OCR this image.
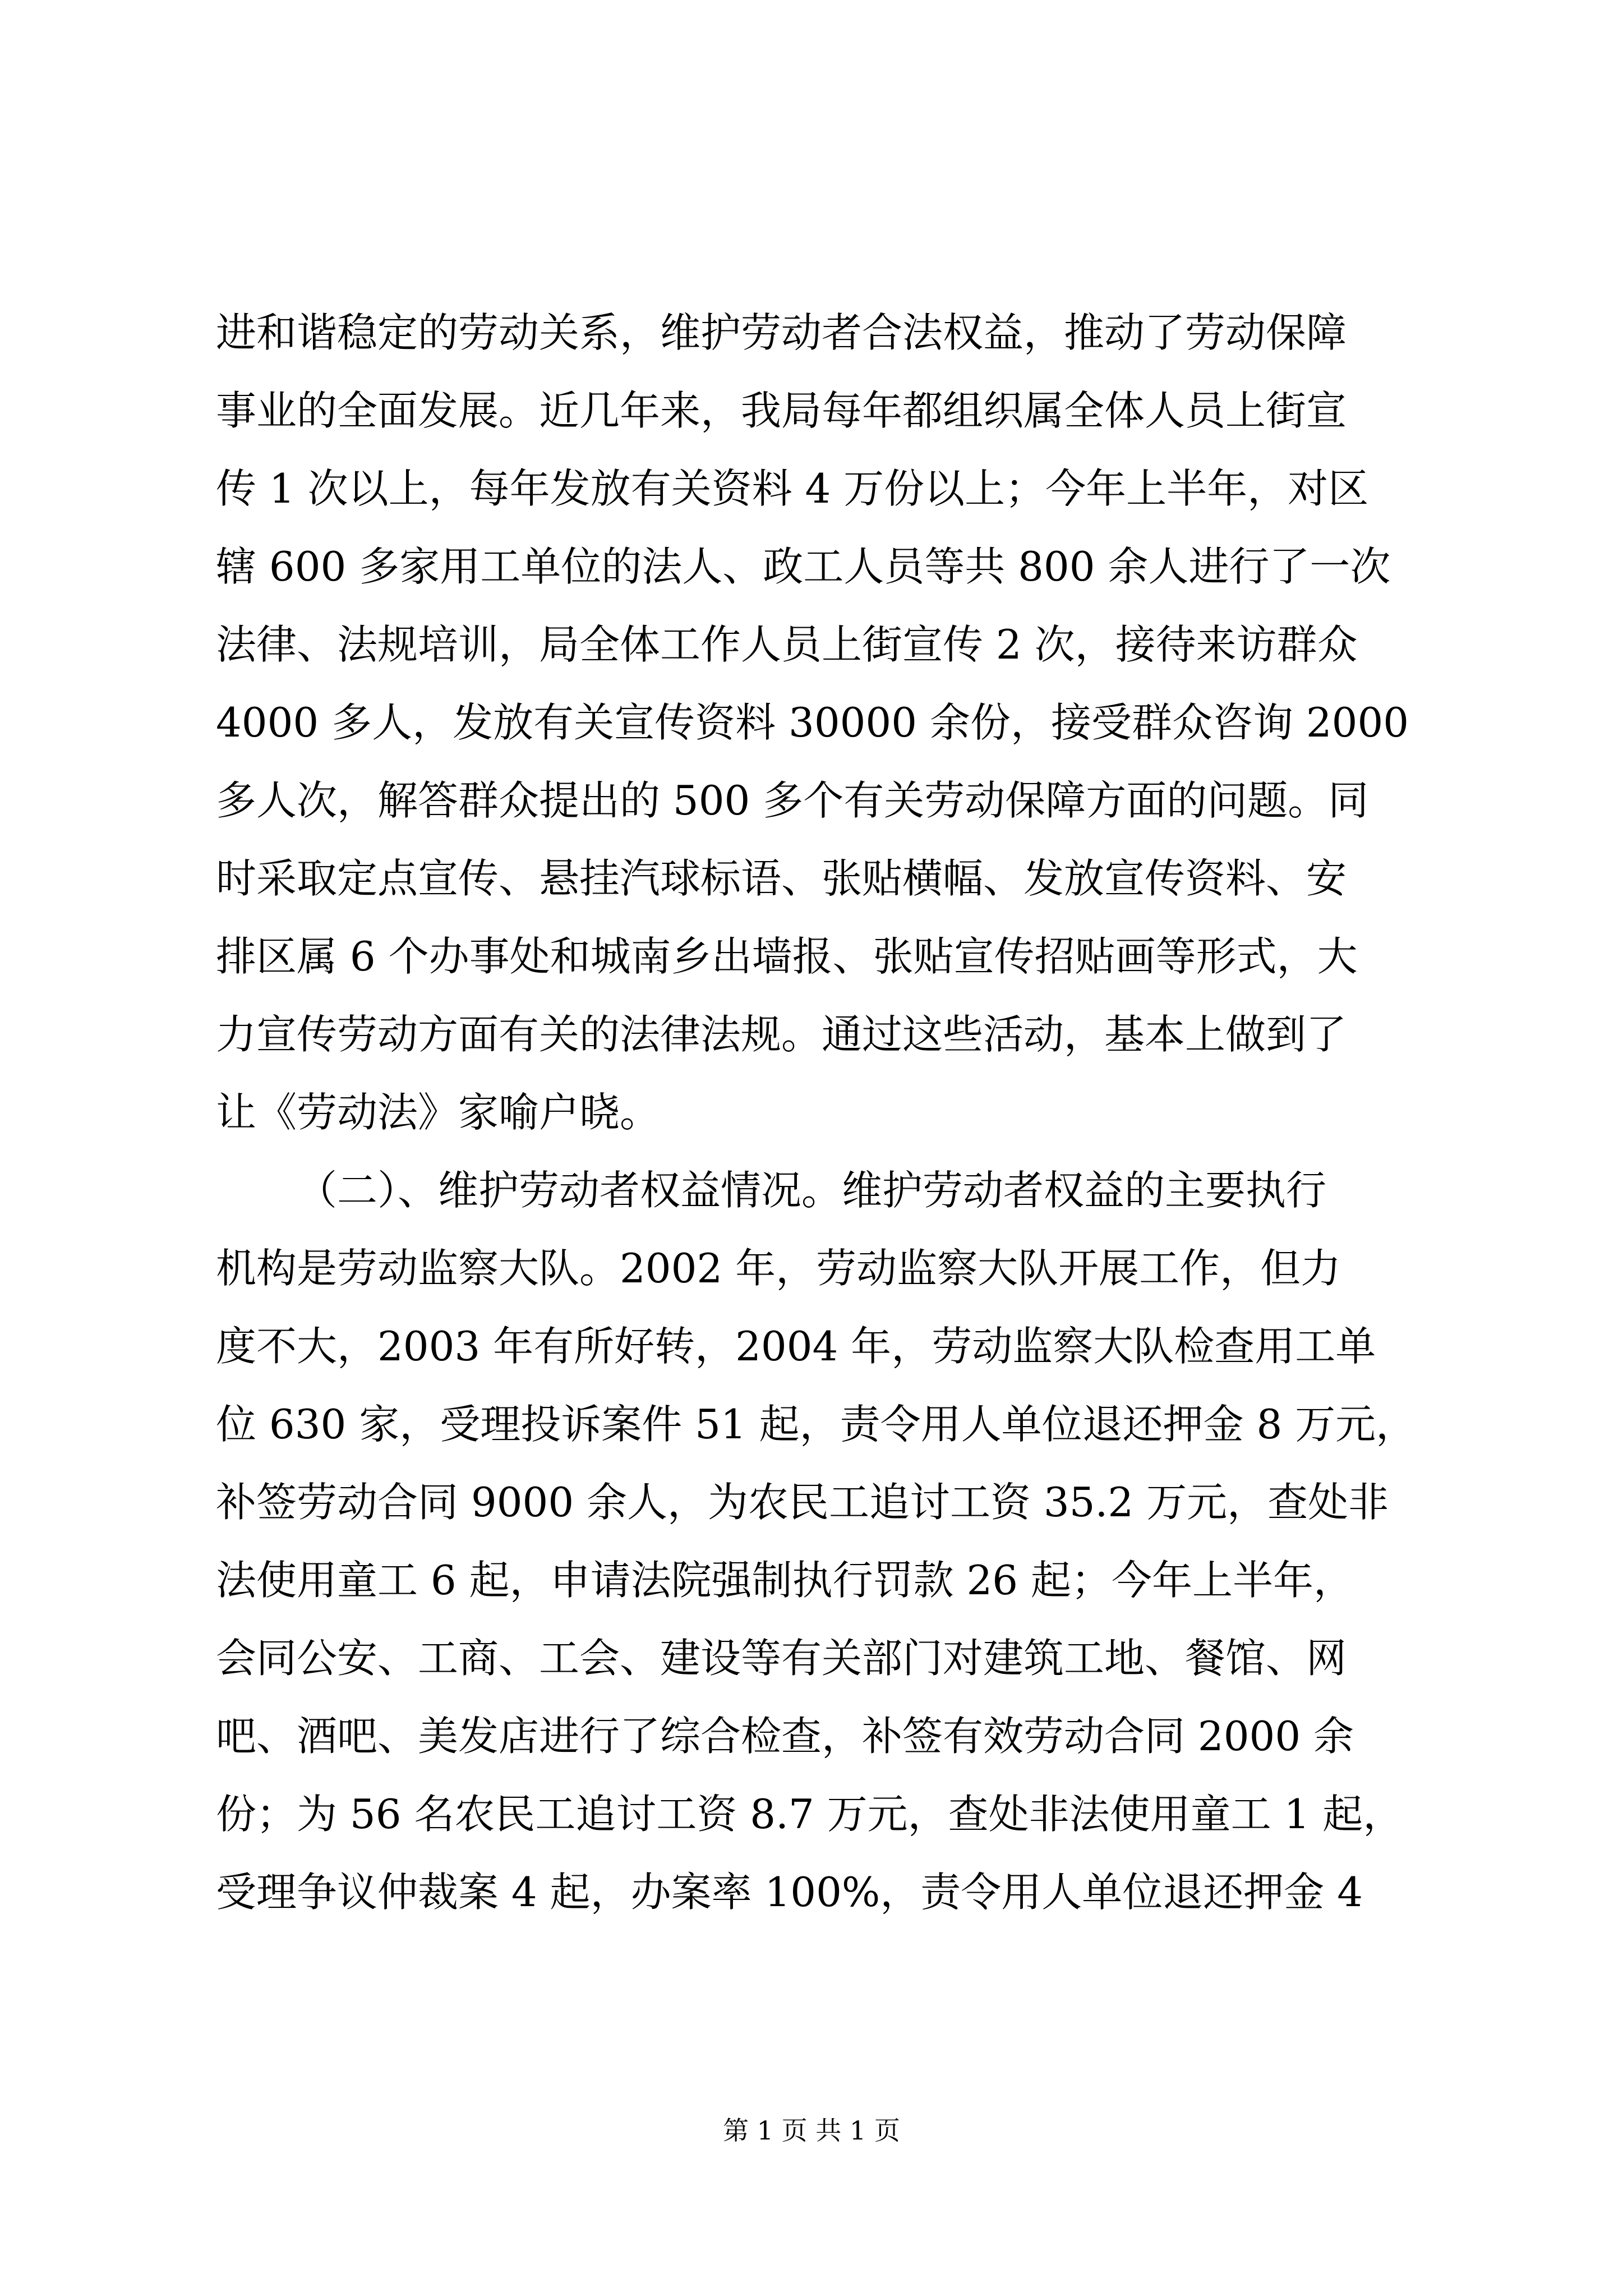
进和谐稳定的劳动关系，维护劳动者合法权益，推动了劳动保障
事业的全面发展。近几年来，我局每年都组织属全体人员上街宣
传 1 次以上，每年发放有关资料 4 万份以上；今年上半年，对区
辖 600 多家用工单位的法人、政工人员等共 800 余人进行了一次
法律、法规培训，局全体工作人员上街宣传 2 次，接待来访群众
4000 多人，发放有关宣传资料 30000 余份，接受群众咨询 2000
多人次，解答群众提出的 500 多个有关劳动保障方面的问题。同
时采取定点宣传、悬挂汽球标语、张贴横幅、发放宣传资料、安
排区属 6 个办事处和城南乡出墙报、张贴宣传招贴画等形式，大
力宣传劳动方面有关的法律法规。通过这些活动，基本上做到了
让《劳动法》家喻户晓。
（二）、维护劳动者权益情况。维护劳动者权益的主要执行
机构是劳动监察大队。2002 年，劳动监察大队开展工作，但力
度不大，2003 年有所好转，2004 年，劳动监察大队检查用工单
位 630 家，受理投诉案件 51 起，责令用人单位退还押金 8 万元，
补签劳动合同 9000 余人，为农民工追讨工资 35.2 万元，查处非
法使用童工 6 起，申请法院强制执行罚款 26 起；今年上半年，
会同公安、工商、工会、建设等有关部门对建筑工地、餐馆、网
吧、酒吧、美发店进行了综合检查，补签有效劳动合同 2000 余
份；为 56 名农民工追讨工资 8.7 万元，查处非法使用童工 1 起，
受理争议仲裁案 4 起，办案率 100%，责令用人单位退还押金 4
第 1 页 共 1 页
